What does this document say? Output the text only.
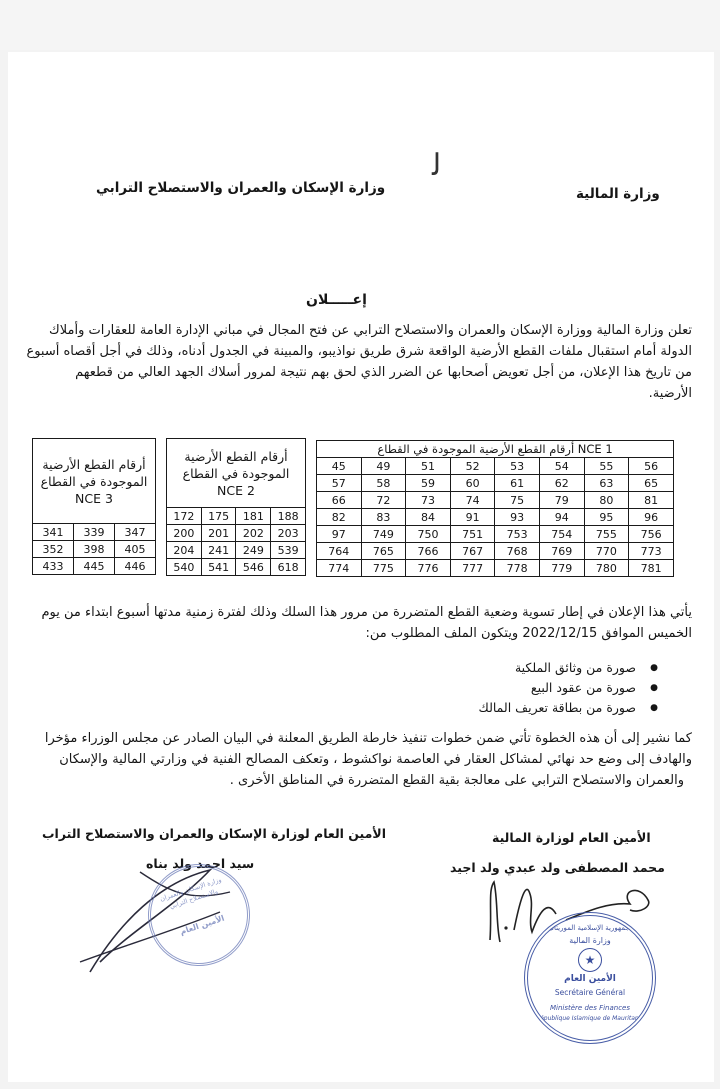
ﻟ
وزارة الإسكان والعمران والاستصلاح الترابي	وزارة المالية
إعـــــلان
تعلن وزارة المالية ووزارة الإسكان والعمران والاستصلاح الترابي عن فتح المجال في مباني الإدارة العامة للعقارات وأملاك
الدولة أمام استقبال ملفات القطع الأرضية الواقعة شرق طريق نواذيبو، والمبينة في الجدول أدناه، وذلك في أجل أقصاه أسبوع
من تاريخ هذا الإعلان، من أجل تعويض أصحابها عن الضرر الذي لحق بهم نتيجة لمرور أسلاك الجهد العالي من قطعهم
الأرضية.
أرقام القطع الأرضية الموجودة في القطاع NCE 1							
45	49	51	52	53	54	55	56
57	58	59	60	61	62	63	65
66	72	73	74	75	79	80	81
82	83	84	91	93	94	95	96
97	749	750	751	753	754	755	756
764	765	766	767	768	769	770	773
774	775	776	777	778	779	780	781
أرقام القطع الأرضية
الموجودة في القطاع
NCE 2			

172	175	181	188
200	201	202	203
204	241	249	539
540	541	546	618
أرقام القطع الأرضية
الموجودة في القطاع
NCE 3		

341	339	347
352	398	405
433	445	446
يأتي هذا الإعلان في إطار تسوية وضعية القطع المتضررة من مرور هذا السلك وذلك لفترة زمنية مدتها أسبوع ابتداء من يوم
الخميس الموافق 2022/12/15 ويتكون الملف المطلوب من:
صورة من وثائق الملكية ●
صورة من عقود البيع ●
صورة من بطاقة تعريف المالك ●
كما نشير إلى أن هذه الخطوة تأتي ضمن خطوات تنفيذ خارطة الطريق المعلنة في البيان الصادر عن مجلس الوزراء مؤخرا
والهادف إلى وضع حد نهائي لمشاكل العقار في العاصمة نواكشوط ، وتعكف المصالح الفنية في وزارتي المالية والإسكان
والعمران والاستصلاح الترابي على معالجة بقية القطع المتضررة في المناطق الأخرى .
الأمين العام لوزارة المالية
محمد المصطفى ولد عبدي ولد اجيد
الأمين العام لوزارة الإسكان والعمران والاستصلاح التراب
سيد احمد ولد بناه
الجمهورية الإسلامية الموريتانية
وزارة المالية
★
الأمين العام
Secrétaire Général
Ministère des Finances
République Islamique de Mauritanie
وزارة الإسكان والعمران والاستصلاح الترابي
الأمين العام
